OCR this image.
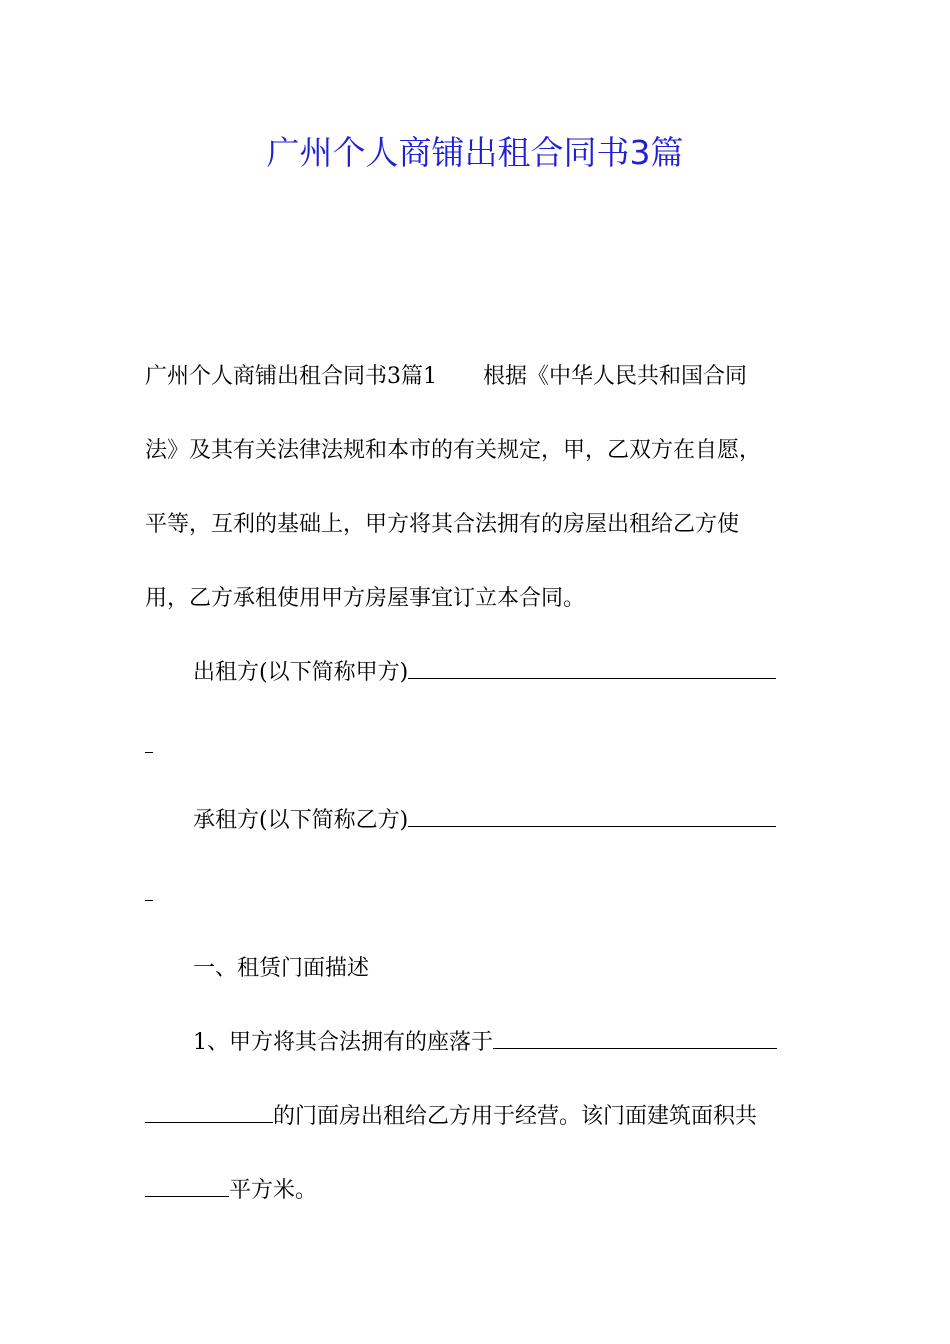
广州个人商铺出租合同书3篇
广州个人商铺出租合同书3篇1 根据《中华人民共和国合同
法》及其有关法律法规和本市的有关规定，甲，乙双方在自愿，
平等，互利的基础上，甲方将其合法拥有的房屋出租给乙方使
用，乙方承租使用甲方房屋事宜订立本合同。
出租方(以下简称甲方)
承租方(以下简称乙方)
一、租赁门面描述
1、甲方将其合法拥有的座落于
的门面房出租给乙方用于经营。该门面建筑面积共
平方米。
